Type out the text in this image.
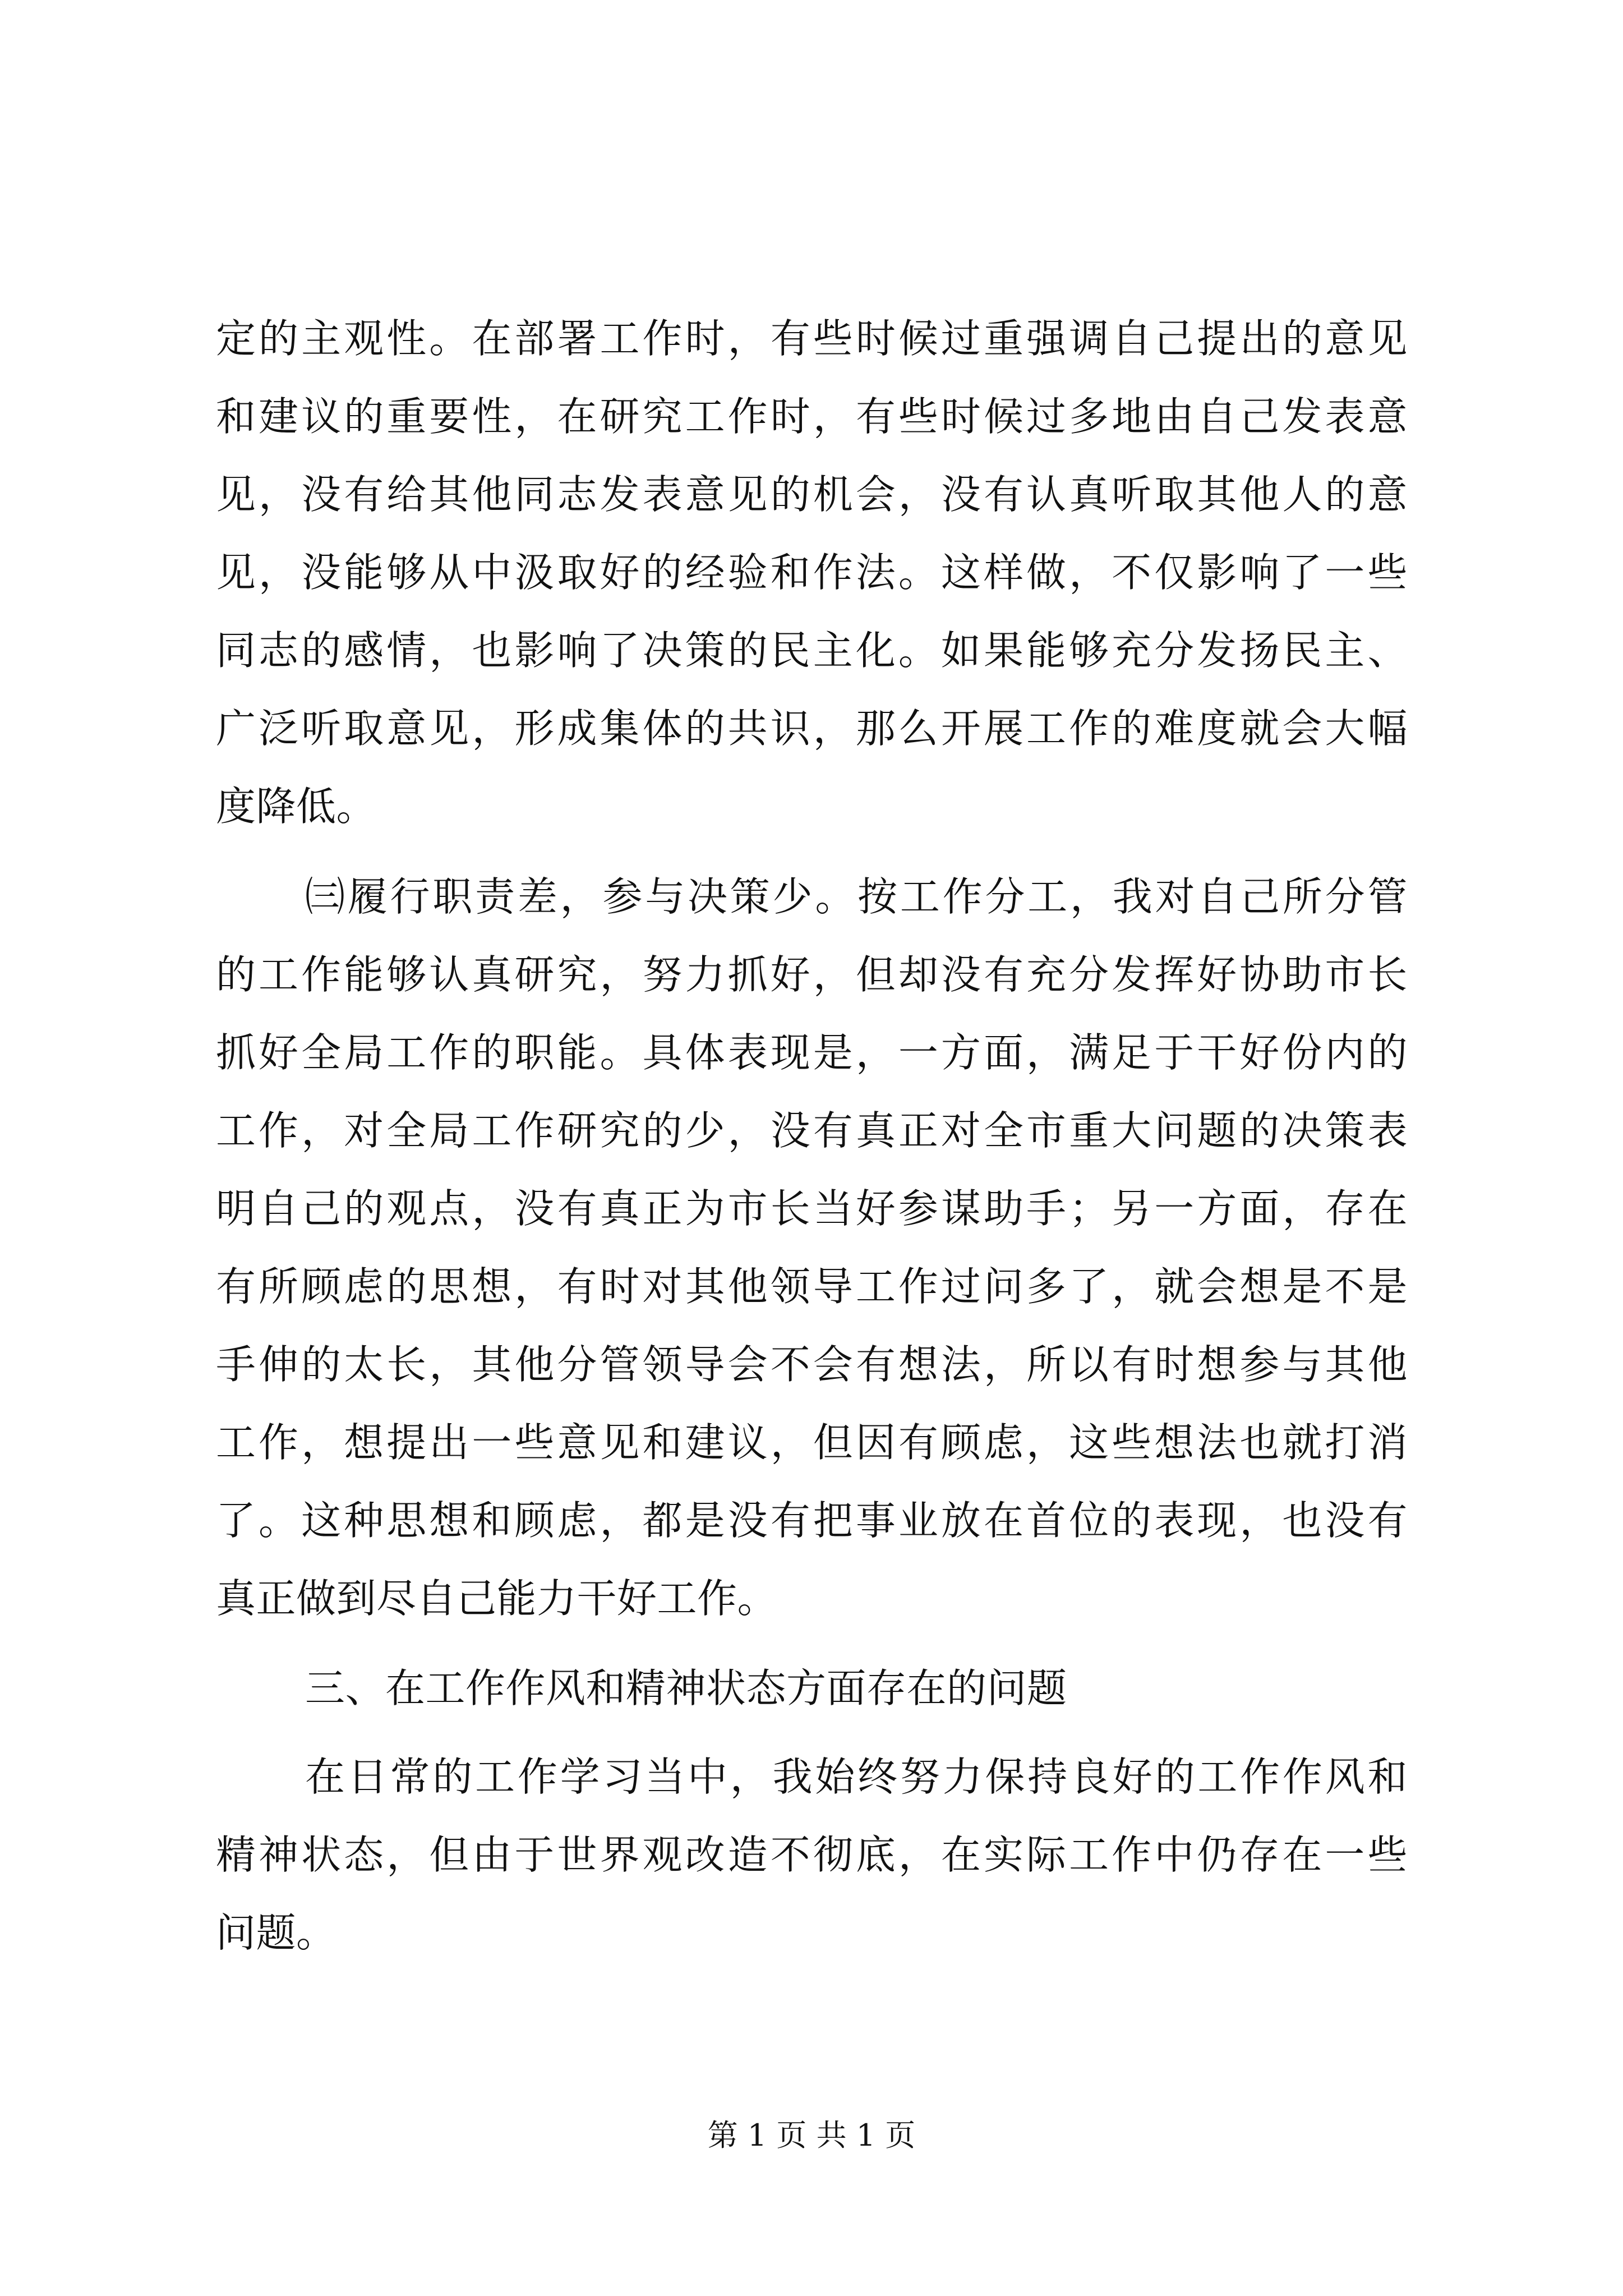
定的主观性。在部署工作时，有些时候过重强调自己提出的意见
和建议的重要性，在研究工作时，有些时候过多地由自己发表意
见，没有给其他同志发表意见的机会，没有认真听取其他人的意
见，没能够从中汲取好的经验和作法。这样做，不仅影响了一些
同志的感情，也影响了决策的民主化。如果能够充分发扬民主、
广泛听取意见，形成集体的共识，那么开展工作的难度就会大幅
度降低。
㈢履行职责差，参与决策少。按工作分工，我对自己所分管
的工作能够认真研究，努力抓好，但却没有充分发挥好协助市长
抓好全局工作的职能。具体表现是，一方面，满足于干好份内的
工作，对全局工作研究的少，没有真正对全市重大问题的决策表
明自己的观点，没有真正为市长当好参谋助手；另一方面，存在
有所顾虑的思想，有时对其他领导工作过问多了，就会想是不是
手伸的太长，其他分管领导会不会有想法，所以有时想参与其他
工作，想提出一些意见和建议，但因有顾虑，这些想法也就打消
了。这种思想和顾虑，都是没有把事业放在首位的表现，也没有
真正做到尽自己能力干好工作。
三、在工作作风和精神状态方面存在的问题
在日常的工作学习当中，我始终努力保持良好的工作作风和
精神状态，但由于世界观改造不彻底，在实际工作中仍存在一些
问题。
第 1 页 共 1 页
